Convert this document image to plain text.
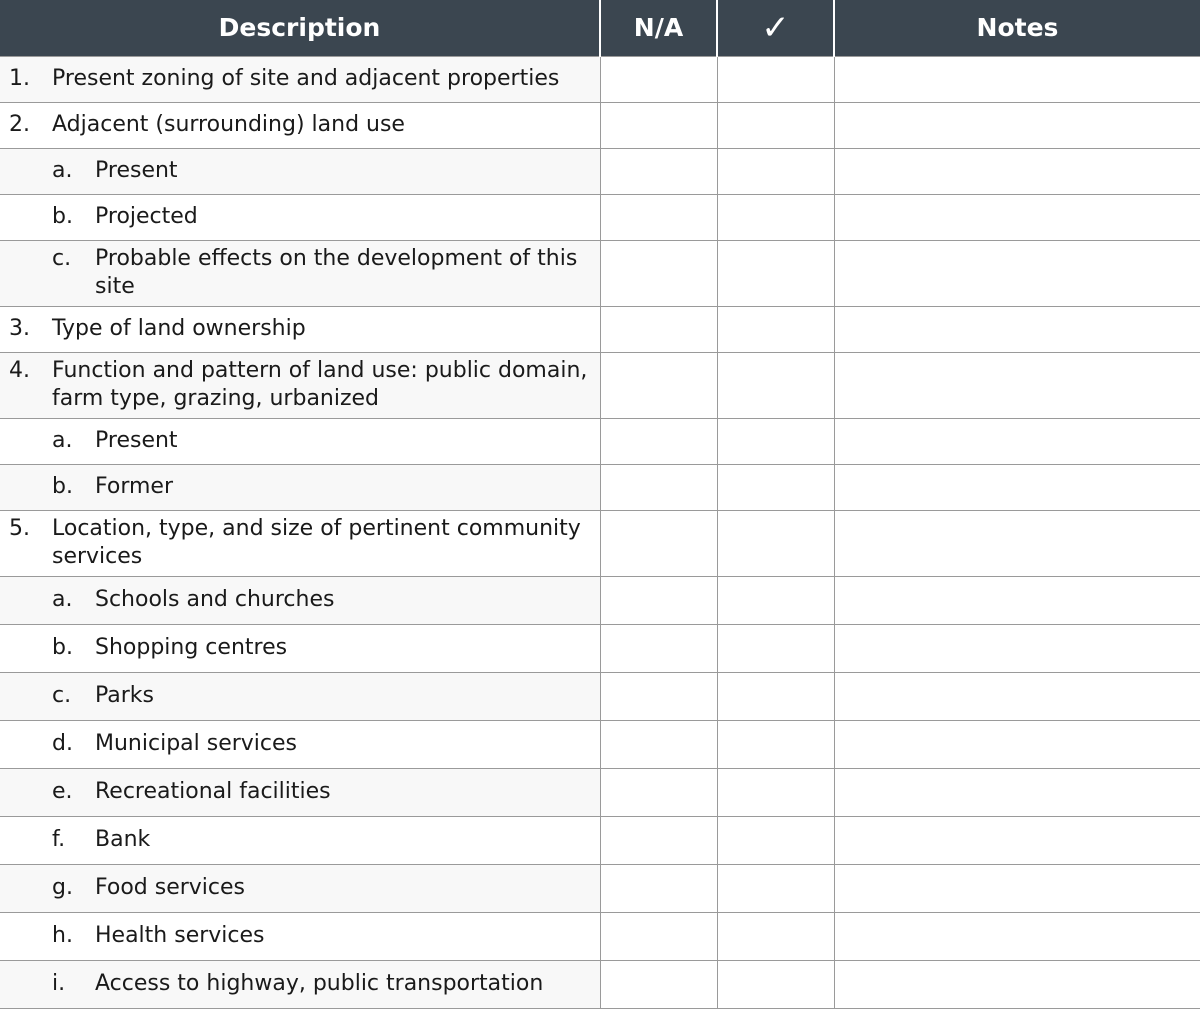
Description	N/A	✓	Notes

1. Present zoning of site and adjacent properties			

2. Adjacent (surrounding) land use			

a. Present			

b. Projected			

c. Probable effects on the development of this site			

3. Type of land ownership			

4. Function and pattern of land use: public domain, farm type, grazing, urbanized			

a. Present			

b. Former			

5. Location, type, and size of pertinent community services			

a. Schools and churches			

b. Shopping centres			

c. Parks			

d. Municipal services			

e. Recreational facilities			

f. Bank			

g. Food services			

h. Health services			

i. Access to highway, public transportation			
